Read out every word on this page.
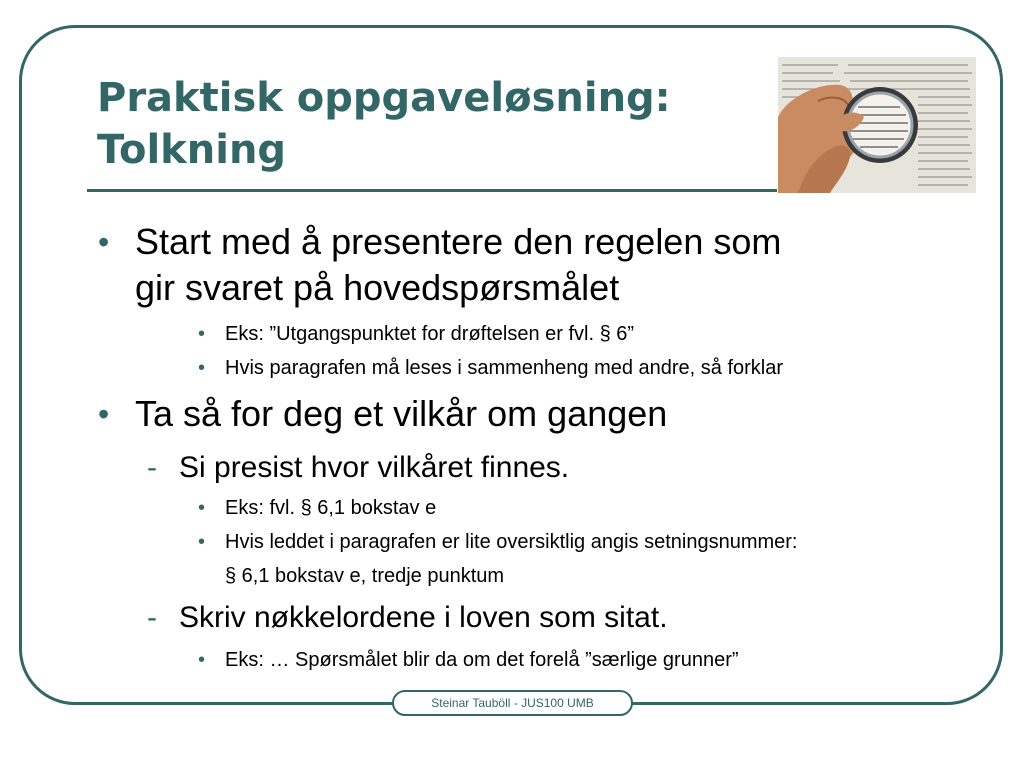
Praktisk oppgaveløsning:
Tolkning
• Start med å presentere den regelen som
gir svaret på hovedspørsmålet
• Eks: ”Utgangspunktet for drøftelsen er fvl. § 6”
• Hvis paragrafen må leses i sammenheng med andre, så forklar
• Ta så for deg et vilkår om gangen
- Si presist hvor vilkåret finnes.
• Eks: fvl. § 6,1 bokstav e
• Hvis leddet i paragrafen er lite oversiktlig angis setningsnummer:
§ 6,1 bokstav e, tredje punktum
- Skriv nøkkelordene i loven som sitat.
• Eks: … Spørsmålet blir da om det forelå ”særlige grunner”
Steinar Tauböll - JUS100 UMB
